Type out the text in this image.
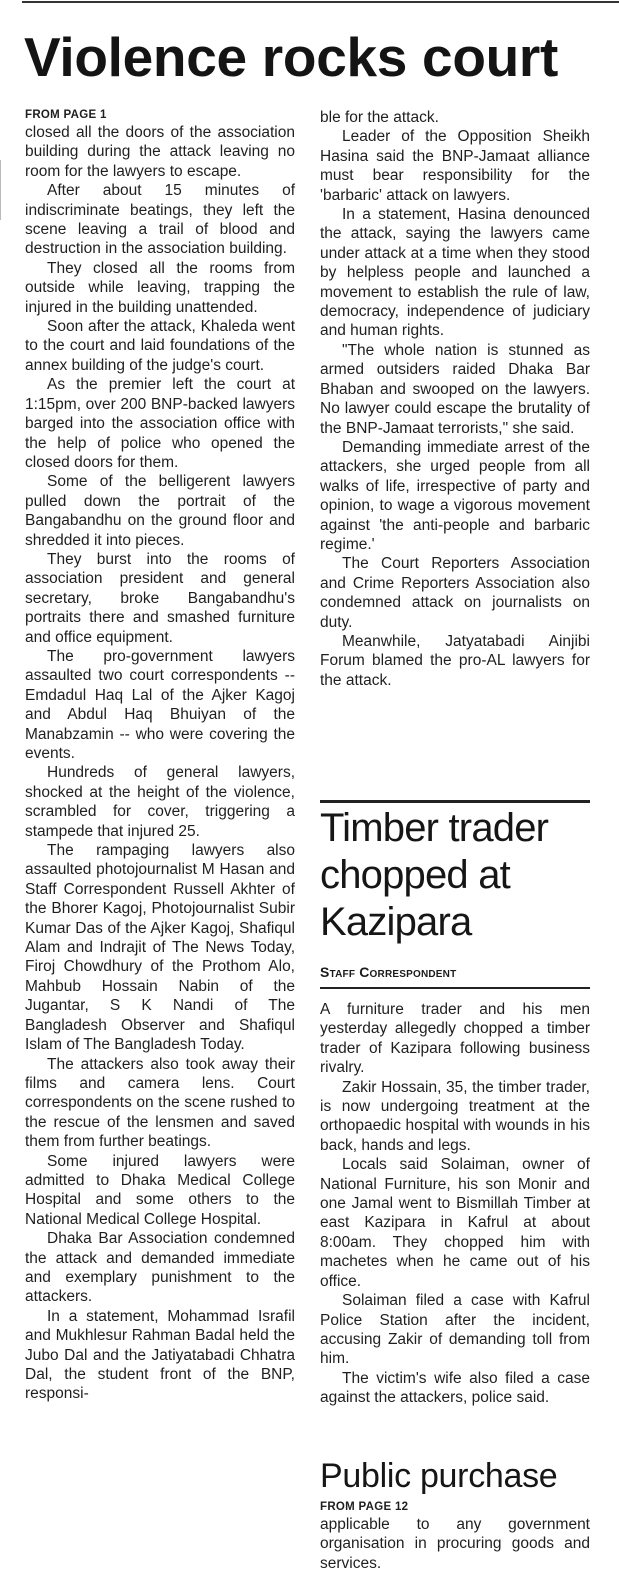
Violence rocks court

FROM PAGE 1

closed all the doors of the association building during the attack leaving no room for the lawyers to escape.

After about 15 minutes of indiscriminate beatings, they left the scene leaving a trail of blood and destruction in the association building.

They closed all the rooms from outside while leaving, trapping the injured in the building unattended.

Soon after the attack, Khaleda went to the court and laid foundations of the annex building of the judge's court.

As the premier left the court at 1:15pm, over 200 BNP-backed lawyers barged into the association office with the help of police who opened the closed doors for them.

Some of the belligerent lawyers pulled down the portrait of the Bangabandhu on the ground floor and shredded it into pieces.

They burst into the rooms of association president and general secretary, broke Bangabandhu's portraits there and smashed furniture and office equipment.

The pro-government lawyers assaulted two court correspondents -- Emdadul Haq Lal of the Ajker Kagoj and Abdul Haq Bhuiyan of the Manabzamin -- who were covering the events.

Hundreds of general lawyers, shocked at the height of the violence, scrambled for cover, triggering a stampede that injured 25.

The rampaging lawyers also assaulted photojournalist M Hasan and Staff Correspondent Russell Akhter of the Bhorer Kagoj, Photojournalist Subir Kumar Das of the Ajker Kagoj, Shafiqul Alam and Indrajit of The News Today, Firoj Chowdhury of the Prothom Alo, Mahbub Hossain Nabin of the Jugantar, S K Nandi of The Bangladesh Observer and Shafiqul Islam of The Bangladesh Today.

The attackers also took away their films and camera lens. Court correspondents on the scene rushed to the rescue of the lensmen and saved them from further beatings.

Some injured lawyers were admitted to Dhaka Medical College Hospital and some others to the National Medical College Hospital.

Dhaka Bar Association condemned the attack and demanded immediate and exemplary punishment to the attackers.

In a statement, Mohammad Israfil and Mukhlesur Rahman Badal held the Jubo Dal and the Jatiyatabadi Chhatra Dal, the student front of the BNP, responsi-

ble for the attack.

Leader of the Opposition Sheikh Hasina said the BNP-Jamaat alliance must bear responsibility for the 'barbaric' attack on lawyers.

In a statement, Hasina denounced the attack, saying the lawyers came under attack at a time when they stood by helpless people and launched a movement to establish the rule of law, democracy, independence of judiciary and human rights.

"The whole nation is stunned as armed outsiders raided Dhaka Bar Bhaban and swooped on the lawyers. No lawyer could escape the brutality of the BNP-Jamaat terrorists," she said.

Demanding immediate arrest of the attackers, she urged people from all walks of life, irrespective of party and opinion, to wage a vigorous movement against 'the anti-people and barbaric regime.'

The Court Reporters Association and Crime Reporters Association also condemned attack on journalists on duty.

Meanwhile, Jatyatabadi Ainjibi Forum blamed the pro-AL lawyers for the attack.

Timber trader chopped at Kazipara
Staff Correspondent

A furniture trader and his men yesterday allegedly chopped a timber trader of Kazipara following business rivalry.

Zakir Hossain, 35, the timber trader, is now undergoing treatment at the orthopaedic hospital with wounds in his back, hands and legs.

Locals said Solaiman, owner of National Furniture, his son Monir and one Jamal went to Bismillah Timber at east Kazipara in Kafrul at about 8:00am. They chopped him with machetes when he came out of his office.

Solaiman filed a case with Kafrul Police Station after the incident, accusing Zakir of demanding toll from him.

The victim's wife also filed a case against the attackers, police said.

Public purchase

FROM PAGE 12

applicable to any government organisation in procuring goods and services.
